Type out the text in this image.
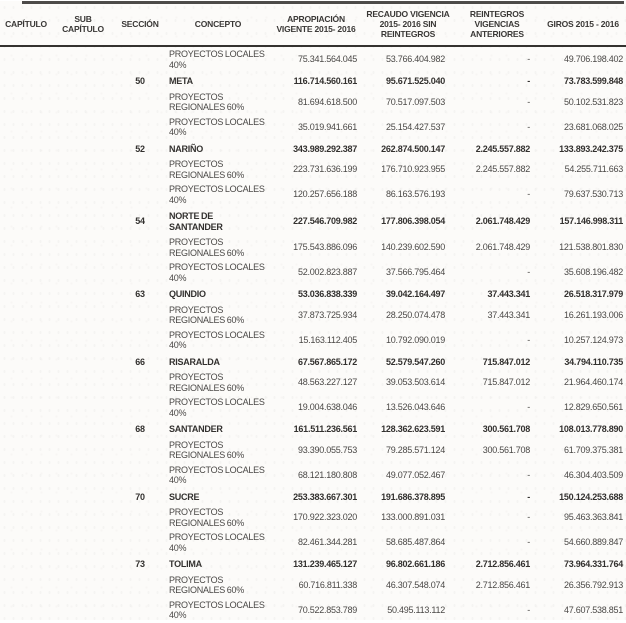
CAPÍTULO	SUB CAPÍTULO	SECCIÓN	CONCEPTO	APROPIACIÓN VIGENTE 2015- 2016	RECAUDO VIGENCIA 2015- 2016 SIN REINTEGROS	REINTEGROS VIGENCIAS ANTERIORES	GIROS 2015 - 2016
			PROYECTOS LOCALES 40%	75.341.564.045	53.766.404.982	-	49.706.198.402
		50	META	116.714.560.161	95.671.525.040	-	73.783.599.848
			PROYECTOS REGIONALES 60%	81.694.618.500	70.517.097.503	-	50.102.531.823
			PROYECTOS LOCALES 40%	35.019.941.661	25.154.427.537	-	23.681.068.025
		52	NARIÑO	343.989.292.387	262.874.500.147	2.245.557.882	133.893.242.375
			PROYECTOS REGIONALES 60%	223.731.636.199	176.710.923.955	2.245.557.882	54.255.711.663
			PROYECTOS LOCALES 40%	120.257.656.188	86.163.576.193	-	79.637.530.713
		54	NORTE DE SANTANDER	227.546.709.982	177.806.398.054	2.061.748.429	157.146.998.311
			PROYECTOS REGIONALES 60%	175.543.886.096	140.239.602.590	2.061.748.429	121.538.801.830
			PROYECTOS LOCALES 40%	52.002.823.887	37.566.795.464	-	35.608.196.482
		63	QUINDIO	53.036.838.339	39.042.164.497	37.443.341	26.518.317.979
			PROYECTOS REGIONALES 60%	37.873.725.934	28.250.074.478	37.443.341	16.261.193.006
			PROYECTOS LOCALES 40%	15.163.112.405	10.792.090.019	-	10.257.124.973
		66	RISARALDA	67.567.865.172	52.579.547.260	715.847.012	34.794.110.735
			PROYECTOS REGIONALES 60%	48.563.227.127	39.053.503.614	715.847.012	21.964.460.174
			PROYECTOS LOCALES 40%	19.004.638.046	13.526.043.646	-	12.829.650.561
		68	SANTANDER	161.511.236.561	128.362.623.591	300.561.708	108.013.778.890
			PROYECTOS REGIONALES 60%	93.390.055.753	79.285.571.124	300.561.708	61.709.375.381
			PROYECTOS LOCALES 40%	68.121.180.808	49.077.052.467	-	46.304.403.509
		70	SUCRE	253.383.667.301	191.686.378.895	-	150.124.253.688
			PROYECTOS REGIONALES 60%	170.922.323.020	133.000.891.031	-	95.463.363.841
			PROYECTOS LOCALES 40%	82.461.344.281	58.685.487.864	-	54.660.889.847
		73	TOLIMA	131.239.465.127	96.802.661.186	2.712.856.461	73.964.331.764
			PROYECTOS REGIONALES 60%	60.716.811.338	46.307.548.074	2.712.856.461	26.356.792.913
			PROYECTOS LOCALES 40%	70.522.853.789	50.495.113.112	-	47.607.538.851
